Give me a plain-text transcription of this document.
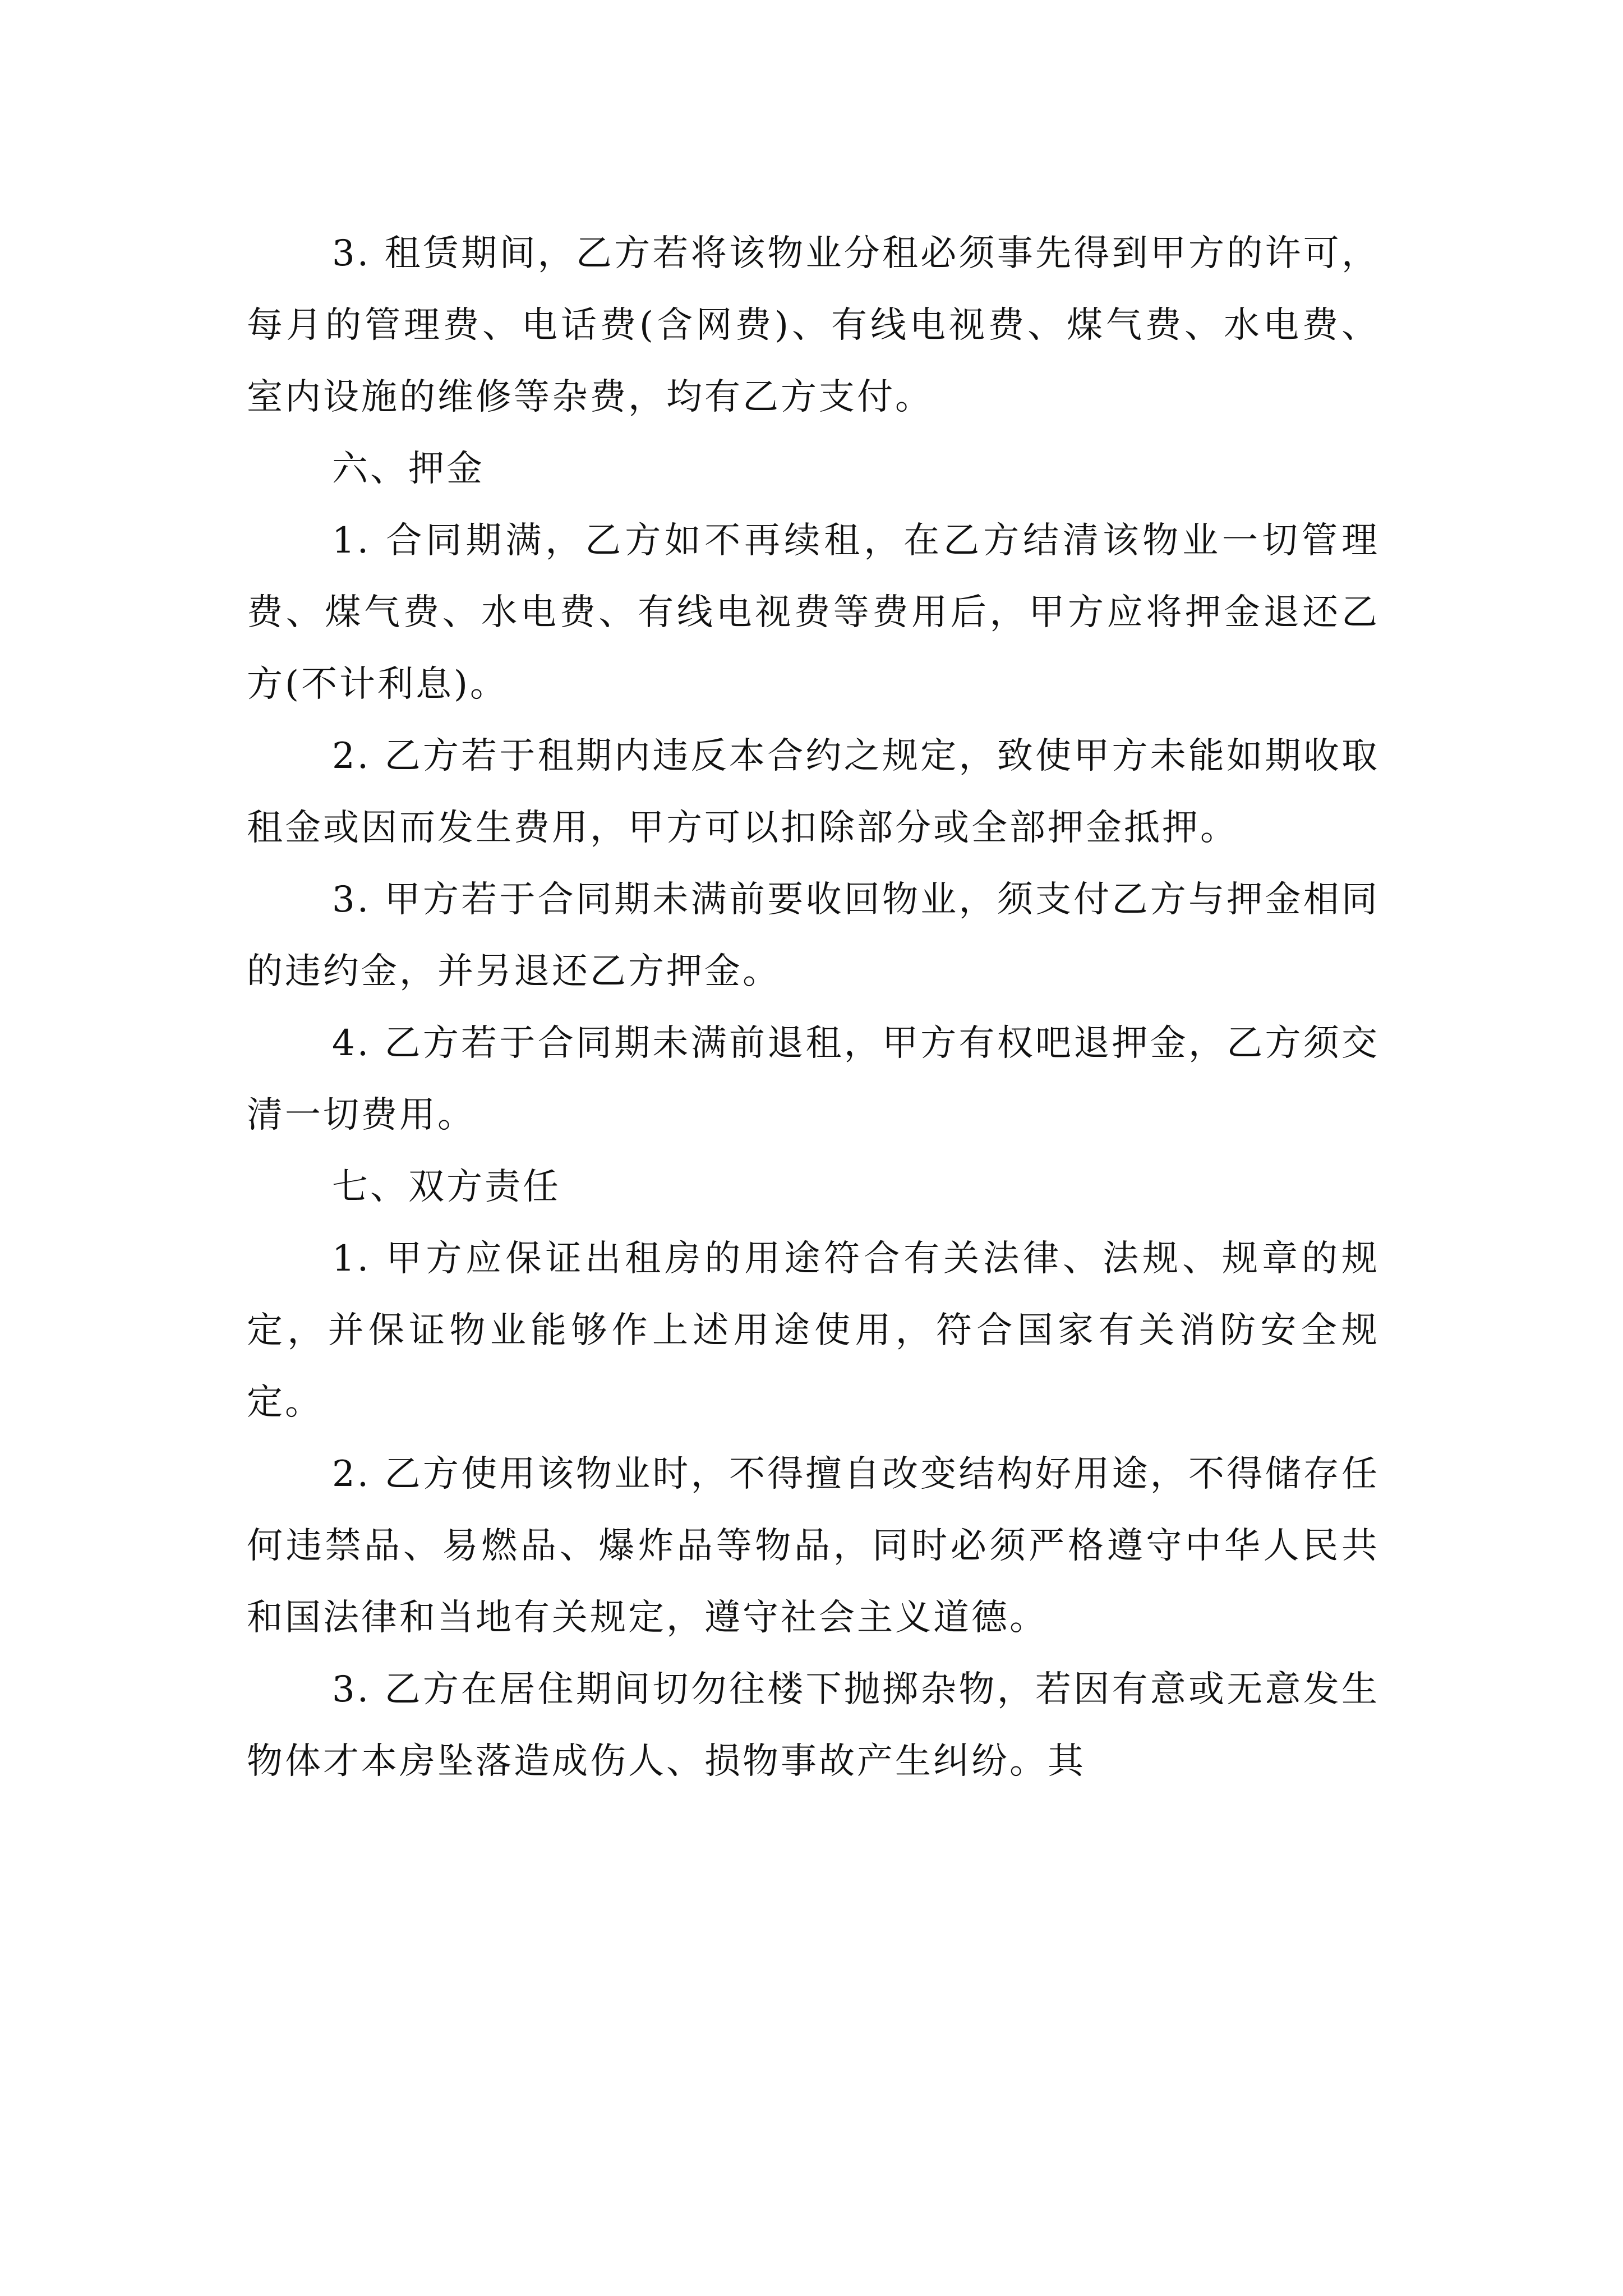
3. 租赁期间，乙方若将该物业分租必须事先得到甲方的许可，每月的管理费、电话费(含网费)、有线电视费、煤气费、水电费、室内设施的维修等杂费，均有乙方支付。

六、押金

1. 合同期满，乙方如不再续租，在乙方结清该物业一切管理费、煤气费、水电费、有线电视费等费用后，甲方应将押金退还乙方(不计利息)。

2. 乙方若于租期内违反本合约之规定，致使甲方未能如期收取租金或因而发生费用，甲方可以扣除部分或全部押金抵押。

3. 甲方若于合同期未满前要收回物业，须支付乙方与押金相同的违约金，并另退还乙方押金。

4. 乙方若于合同期未满前退租，甲方有权吧退押金，乙方须交清一切费用。

七、双方责任

1. 甲方应保证出租房的用途符合有关法律、法规、规章的规定，并保证物业能够作上述用途使用，符合国家有关消防安全规定。

2. 乙方使用该物业时，不得擅自改变结构好用途，不得储存任何违禁品、易燃品、爆炸品等物品，同时必须严格遵守中华人民共和国法律和当地有关规定，遵守社会主义道德。

3. 乙方在居住期间切勿往楼下抛掷杂物，若因有意或无意发生物体才本房坠落造成伤人、损物事故产生纠纷。其
